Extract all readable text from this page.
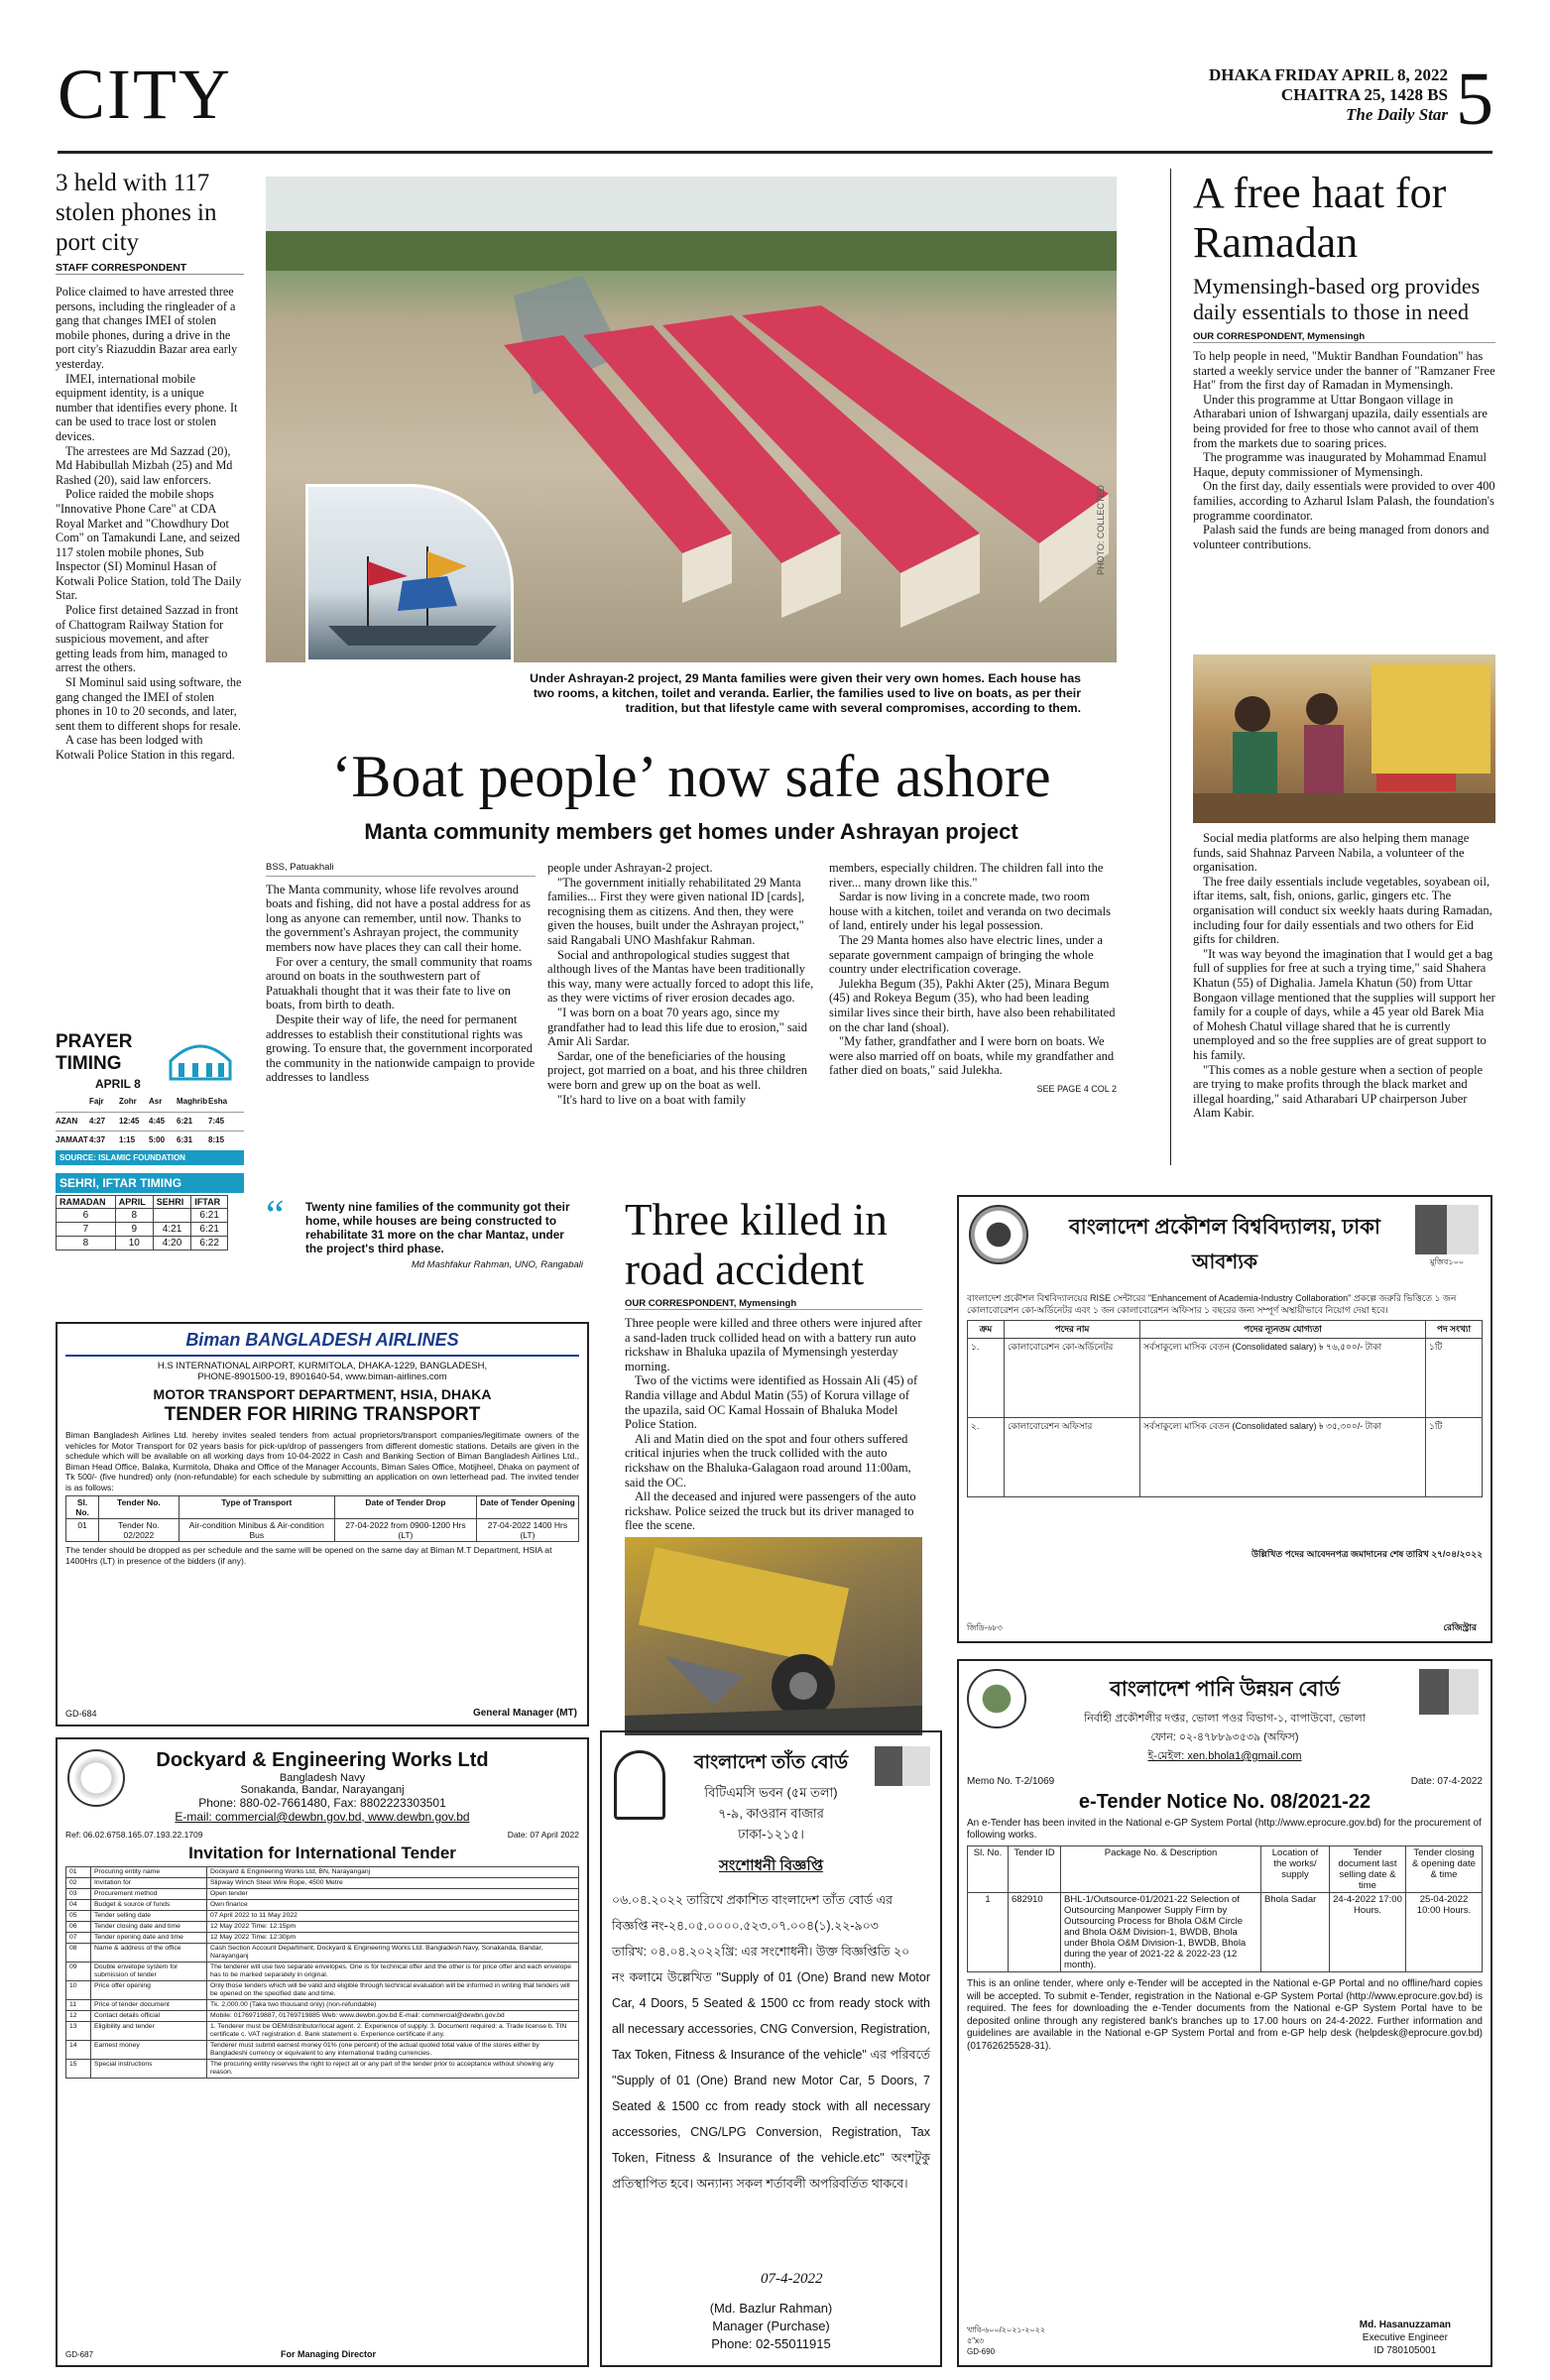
CITY	DHAKA FRIDAY APRIL 8, 2022
CHAITRA 25, 1428 BS
The Daily Star 5
3 held with 117 stolen phones in port city
STAFF CORRESPONDENT

Police claimed to have arrested three persons, including the ringleader of a gang that changes IMEI of stolen mobile phones, during a drive in the port city's Riazuddin Bazar area early yesterday.

IMEI, international mobile equipment identity, is a unique number that identifies every phone. It can be used to trace lost or stolen devices.

The arrestees are Md Sazzad (20), Md Habibullah Mizbah (25) and Md Rashed (20), said law enforcers.

Police raided the mobile shops "Innovative Phone Care" at CDA Royal Market and "Chowdhury Dot Com" on Tamakundi Lane, and seized 117 stolen mobile phones, Sub Inspector (SI) Mominul Hasan of Kotwali Police Station, told The Daily Star.

Police first detained Sazzad in front of Chattogram Railway Station for suspicious movement, and after getting leads from him, managed to arrest the others.

SI Mominul said using software, the gang changed the IMEI of stolen phones in 10 to 20 seconds, and later, sent them to different shops for resale.

A case has been lodged with Kotwali Police Station in this regard.

PRAYER TIMING
APRIL 8
Fajr	Zohr	Asr	Maghrib Esha
AZAN	4:27	12:45	4:45	6:21	7:45
JAMAAT 4:37	1:15	5:00	6:31	8:15
SOURCE: ISLAMIC FOUNDATION
SEHRI, IFTAR TIMING
RAMADAN	APRIL	SEHRI	IFTAR
6	8		6:21
7	9	4:21	6:21
8	10	4:20	6:22
PHOTO: COLLECTED
Under Ashrayan-2 project, 29 Manta families were given their very own homes. Each house has two rooms, a kitchen, toilet and veranda. Earlier, the families used to live on boats, as per their tradition, but that lifestyle came with several compromises, according to them.
‘Boat people’ now safe ashore
Manta community members get homes under Ashrayan project
BSS, Patuakhali

The Manta community, whose life revolves around boats and fishing, did not have a postal address for as long as anyone can remember, until now. Thanks to the government's Ashrayan project, the community members now have places they can call their home.

For over a century, the small community that roams around on boats in the southwestern part of Patuakhali thought that it was their fate to live on boats, from birth to death.

Despite their way of life, the need for permanent addresses to establish their constitutional rights was growing. To ensure that, the government incorporated the community in the nationwide campaign to provide addresses to landless

people under Ashrayan-2 project.

"The government initially rehabilitated 29 Manta families... First they were given national ID [cards], recognising them as citizens. And then, they were given the houses, built under the Ashrayan project," said Rangabali UNO Mashfakur Rahman.

Social and anthropological studies suggest that although lives of the Mantas have been traditionally this way, many were actually forced to adopt this life, as they were victims of river erosion decades ago.

"I was born on a boat 70 years ago, since my grandfather had to lead this life due to erosion," said Amir Ali Sardar.

Sardar, one of the beneficiaries of the housing project, got married on a boat, and his three children were born and grew up on the boat as well.

"It's hard to live on a boat with family

members, especially children. The children fall into the river... many drown like this."

Sardar is now living in a concrete made, two room house with a kitchen, toilet and veranda on two decimals of land, entirely under his legal possession.

The 29 Manta homes also have electric lines, under a separate government campaign of bringing the whole country under electrification coverage.

Julekha Begum (35), Pakhi Akter (25), Minara Begum (45) and Rokeya Begum (35), who had been leading similar lives since their birth, have also been rehabilitated on the char land (shoal).

"My father, grandfather and I were born on boats. We were also married off on boats, while my grandfather and father died on boats," said Julekha.

SEE PAGE 4 COL 2
“ Twenty nine families of the community got their home, while houses are being constructed to rehabilitate 31 more on the char Mantaz, under the project's third phase.
Md Mashfakur Rahman, UNO, Rangabali
A free haat for Ramadan
Mymensingh-based org provides daily essentials to those in need
OUR CORRESPONDENT, Mymensingh

To help people in need, "Muktir Bandhan Foundation" has started a weekly service under the banner of "Ramzaner Free Hat" from the first day of Ramadan in Mymensingh.

Under this programme at Uttar Bongaon village in Atharabari union of Ishwarganj upazila, daily essentials are being provided for free to those who cannot avail of them from the markets due to soaring prices.

The programme was inaugurated by Mohammad Enamul Haque, deputy commissioner of Mymensingh.

On the first day, daily essentials were provided to over 400 families, according to Azharul Islam Palash, the foundation's programme coordinator.

Palash said the funds are being managed from donors and volunteer contributions.

Social media platforms are also helping them manage funds, said Shahnaz Parveen Nabila, a volunteer of the organisation.

The free daily essentials include vegetables, soyabean oil, iftar items, salt, fish, onions, garlic, gingers etc. The organisation will conduct six weekly haats during Ramadan, including four for daily essentials and two others for Eid gifts for children.

"It was way beyond the imagination that I would get a bag full of supplies for free at such a trying time," said Shahera Khatun (55) of Dighalia. Jamela Khatun (50) from Uttar Bongaon village mentioned that the supplies will support her family for a couple of days, while a 45 year old Barek Mia of Mohesh Chatul village shared that he is currently unemployed and so the free supplies are of great support to his family.

"This comes as a noble gesture when a section of people are trying to make profits through the black market and illegal hoarding," said Atharabari UP chairperson Juber Alam Kabir.

Three killed in road accident
OUR CORRESPONDENT, Mymensingh

Three people were killed and three others were injured after a sand-laden truck collided head on with a battery run auto rickshaw in Bhaluka upazila of Mymensingh yesterday morning.

Two of the victims were identified as Hossain Ali (45) of Randia village and Abdul Matin (55) of Korura village of the upazila, said OC Kamal Hossain of Bhaluka Model Police Station.

Ali and Matin died on the spot and four others suffered critical injuries when the truck collided with the auto rickshaw on the Bhaluka-Galagaon road around 11:00am, said the OC.

All the deceased and injured were passengers of the auto rickshaw. Police seized the truck but its driver managed to flee the scene.

Biman BANGLADESH AIRLINES
H.S INTERNATIONAL AIRPORT, KURMITOLA, DHAKA-1229, BANGLADESH,
PHONE-8901500-19, 8901640-54, www.biman-airlines.com
MOTOR TRANSPORT DEPARTMENT, HSIA, DHAKA
TENDER FOR HIRING TRANSPORT
Biman Bangladesh Airlines Ltd. hereby invites sealed tenders from actual proprietors/transport companies/legitimate owners of the vehicles for Motor Transport for 02 years basis for pick-up/drop of passengers from different domestic stations. Details are given in the schedule which will be available on all working days from 10-04-2022 in Cash and Banking Section of Biman Bangladesh Airlines Ltd., Biman Head Office, Balaka, Kurmitola, Dhaka and Office of the Manager Accounts, Biman Sales Office, Motijheel, Dhaka on payment of Tk 500/- (five hundred) only (non-refundable) for each schedule by submitting an application on own letterhead pad. The invited tender is as follows:
Sl. No.	Tender No.	Type of Transport	Date of Tender Drop	Date of Tender Opening
01	Tender No. 02/2022	Air-condition Minibus & Air-condition Bus	27-04-2022 from 0900-1200 Hrs (LT)	27-04-2022 1400 Hrs (LT)
The tender should be dropped as per schedule and the same will be opened on the same day at Biman M.T Department, HSIA at 1400Hrs (LT) in presence of the bidders (if any).
GD-684	General Manager (MT)
Dockyard & Engineering Works Ltd
Bangladesh Navy
Sonakanda, Bandar, Narayanganj
Phone: 880-02-7661480, Fax: 8802223303501
E-mail: commercial@dewbn.gov.bd, www.dewbn.gov.bd
Ref: 06.02.6758.165.07.193.22.1709	Date: 07 April 2022
Invitation for International Tender
01	Procuring entity name	Dockyard & Engineering Works Ltd, BN, Narayanganj
02	Invitation for	Slipway Winch Steel Wire Rope, 4500 Metre
03	Procurement method	Open tender
04	Budget & source of funds	Own finance
05	Tender selling date	07 April 2022 to 11 May 2022
06	Tender closing date and time	12 May 2022 Time: 12:15pm
07	Tender opening date and time	12 May 2022 Time: 12:30pm
08	Name & address of the office	Cash Section Account Department, Dockyard & Engineering Works Ltd. Bangladesh Navy, Sonakanda, Bandar, Narayanganj
09	Double envelope system for submission of tender	The tenderer will use two separate envelopes. One is for technical offer and the other is for price offer and each envelope has to be marked separately in original.
10	Price offer opening	Only those tenders which will be valid and eligible through technical evaluation will be informed in writing that tenders will be opened on the specified date and time.
11	Price of tender document	Tk. 2,000.00 (Taka two thousand only) (non-refundable)
12	Contact details official	Mobile: 01769719887, 01769719885 Web: www.dewbn.gov.bd E-mail: commercial@dewbn.gov.bd
13	Eligibility and tender	1. Tenderer must be OEM/distributor/local agent. 2. Experience of supply. 3. Document required: a. Trade license b. TIN certificate c. VAT registration d. Bank statement e. Experience certificate if any.
14	Earnest money	Tenderer must submit earnest money 01% (one percent) of the actual quoted total value of the stores either by Bangladeshi currency or equivalent to any international trading currencies.
15	Special instructions	The procuring entity reserves the right to reject all or any part of the tender prior to acceptance without showing any reason.
GD-687	For Managing Director
মুজিব১০০
বাংলাদেশ প্রকৌশল বিশ্ববিদ্যালয়, ঢাকা
আবশ্যক
বাংলাদেশ প্রকৌশল বিশ্ববিদ্যালয়ের RISE সেন্টারের "Enhancement of Academia-Industry Collaboration" প্রকল্পে জরুরি ভিত্তিতে ১ জন কোলাবোরেশন কো-অর্ডিনেটর এবং ১ জন কোলাবোরেশন অফিসার ১ বছরের জন্য সম্পূর্ণ অস্থায়ীভাবে নিয়োগ দেয়া হবে।
ক্রম	পদের নাম	পদের ন্যূনতম যোগ্যতা	পদ সংখ্যা
১.	কোলাবোরেশন কো-অর্ডিনেটর	সর্বসাকুল্যে মাসিক বেতন (Consolidated salary) ৳ ৭৬,৫০০/- টাকা	১টি
২.	কোলাবোরেশন অফিসার	সর্বসাকুল্যে মাসিক বেতন (Consolidated salary) ৳ ৩৫,৩০০/- টাকা	১টি
উল্লিখিত পদের আবেদনপত্র জমাদানের শেষ তারিখ ২৭/০৪/২০২২
জিডি-৬৮৩	রেজিস্ট্রার
বাংলাদেশ তাঁত বোর্ড
বিটিএমসি ভবন (৫ম তলা)
৭-৯, কাওরান বাজার
ঢাকা-১২১৫।
সংশোধনী বিজ্ঞপ্তি
০৬.০৪.২০২২ তারিখে প্রকাশিত বাংলাদেশ তাঁত বোর্ড এর
বিজ্ঞপ্তি নং-২৪.০৫.০০০০.৫২৩.০৭.০০৪(১).২২-৯০৩
তারিখ: ০৪.০৪.২০২২খ্রি: এর সংশোধনী। উক্ত বিজ্ঞপ্তিতি ২০
নং কলামে উল্লেখিত "Supply of 01 (One) Brand new Motor Car, 4 Doors, 5 Seated & 1500 cc from ready stock with all necessary accessories, CNG Conversion, Registration, Tax Token, Fitness & Insurance of the vehicle" এর পরিবর্তে "Supply of 01 (One) Brand new Motor Car, 5 Doors, 7 Seated & 1500 cc from ready stock with all necessary accessories, CNG/LPG Conversion, Registration, Tax Token, Fitness & Insurance of the vehicle.etc" অংশটুকু প্রতিস্থাপিত হবে। অন্যান্য সকল শর্তাবলী অপরিবর্তিত থাকবে।
07-4-2022
(Md. Bazlur Rahman)
Manager (Purchase)
Phone: 02-55011915
বাংলাদেশ পানি উন্নয়ন বোর্ড
নির্বাহী প্রকৌশলীর দপ্তর, ভোলা পওর বিভাগ-১, বাপাউবো, ভোলা
ফোন: ০২-৪৭৮৮৯৩৫৩৯ (অফিস)
ই-মেইল: xen.bhola1@gmail.com
Memo No. T-2/1069	Date: 07-4-2022
e-Tender Notice No. 08/2021-22
An e-Tender has been invited in the National e-GP System Portal (http://www.eprocure.gov.bd) for the procurement of following works.
Sl. No.	Tender ID	Package No. & Description	Location of the works/ supply	Tender document last selling date & time	Tender closing & opening date & time
1	682910	BHL-1/Outsource-01/2021-22 Selection of Outsourcing Manpower Supply Firm by Outsourcing Process for Bhola O&M Circle and Bhola O&M Division-1, BWDB, Bhola under Bhola O&M Division-1, BWDB, Bhola during the year of 2021-22 & 2022-23 (12 month).	Bhola Sadar	24-4-2022 17:00 Hours.	25-04-2022 10:00 Hours.
This is an online tender, where only e-Tender will be accepted in the National e-GP Portal and no offline/hard copies will be accepted. To submit e-Tender, registration in the National e-GP System Portal (http://www.eprocure.gov.bd) is required. The fees for downloading the e-Tender documents from the National e-GP System Portal have to be deposited online through any registered bank's branches up to 17.00 hours on 24-4-2022. Further information and guidelines are available in the National e-GP System Portal and from e-GP help desk (helpdesk@eprocure.gov.bd) (01762625528-31).
খাবি-৬০০/২০২১-২০২২
৫"x৩
GD-690
Md. Hasanuzzaman
Executive Engineer
ID 780105001
